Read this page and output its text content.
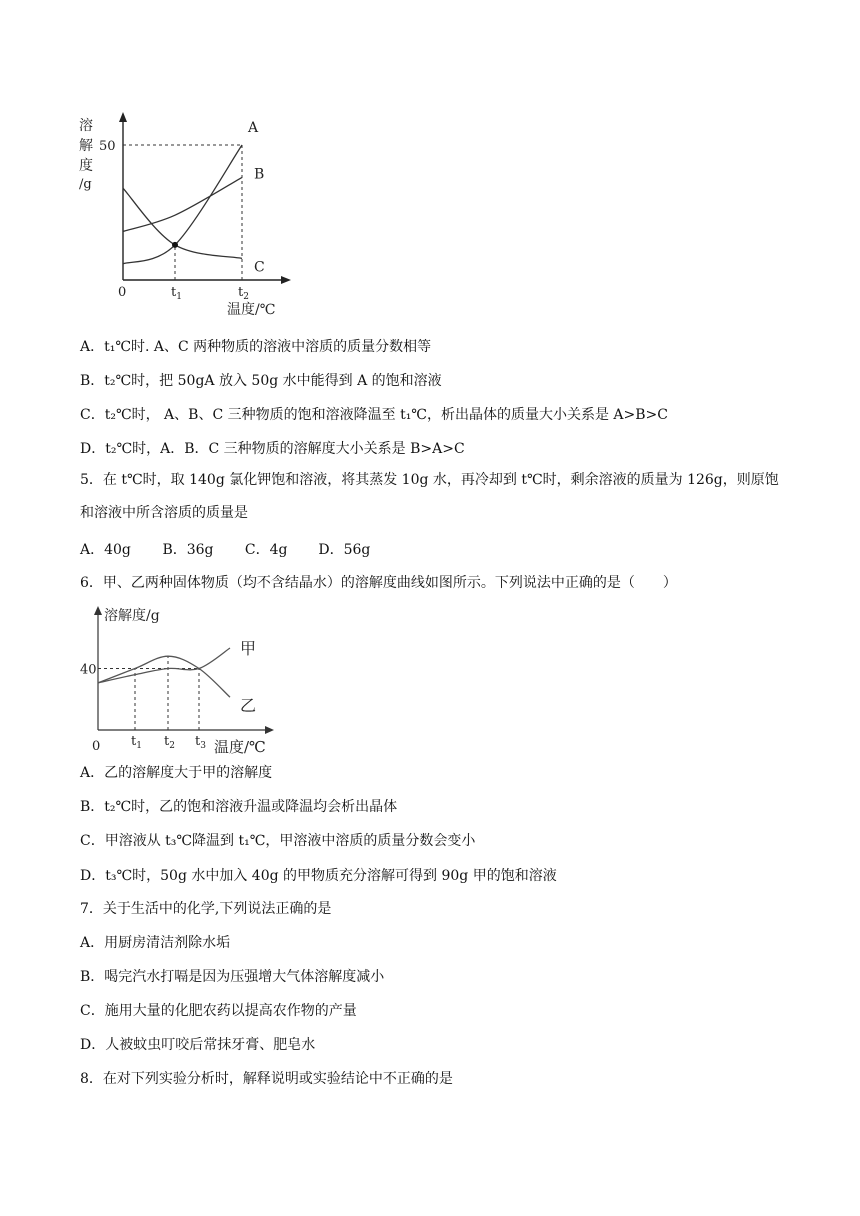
溶
解
度
/g
A
B
C
50
0	$t_1$	$t_2$
温度/℃
A．t₁℃时. A、C 两种物质的溶液中溶质的质量分数相等
B．t₂℃时，把 50gA 放入 50g 水中能得到 A 的饱和溶液
C．t₂℃时， A、B、C 三种物质的饱和溶液降温至 t₁℃，析出晶体的质量大小关系是 A>B>C
D．t₂℃时，A．B．C 三种物质的溶解度大小关系是 B>A>C
5．在 t℃时，取 140g 氯化钾饱和溶液，将其蒸发 10g 水，再冷却到 t℃时，剩余溶液的质量为 126g，则原饱和溶液中所含溶质的质量是
A．40g B．36g C．4g D．56g
6．甲、乙两种固体物质（均不含结晶水）的溶解度曲线如图所示。下列说法中正确的是（　　）
溶解度/g
甲
乙
40
0 $t_1$ $t_2$ $t_3$ 温度/℃
A．乙的溶解度大于甲的溶解度
B．t₂℃时，乙的饱和溶液升温或降温均会析出晶体
C．甲溶液从 t₃℃降温到 t₁℃，甲溶液中溶质的质量分数会变小
D．t₃℃时，50g 水中加入 40g 的甲物质充分溶解可得到 90g 甲的饱和溶液
7．关于生活中的化学,下列说法正确的是
A．用厨房清洁剂除水垢
B．喝完汽水打嗝是因为压强增大气体溶解度减小
C．施用大量的化肥农药以提高农作物的产量
D．人被蚊虫叮咬后常抹牙膏、肥皂水
8．在对下列实验分析时，解释说明或实验结论中不正确的是
